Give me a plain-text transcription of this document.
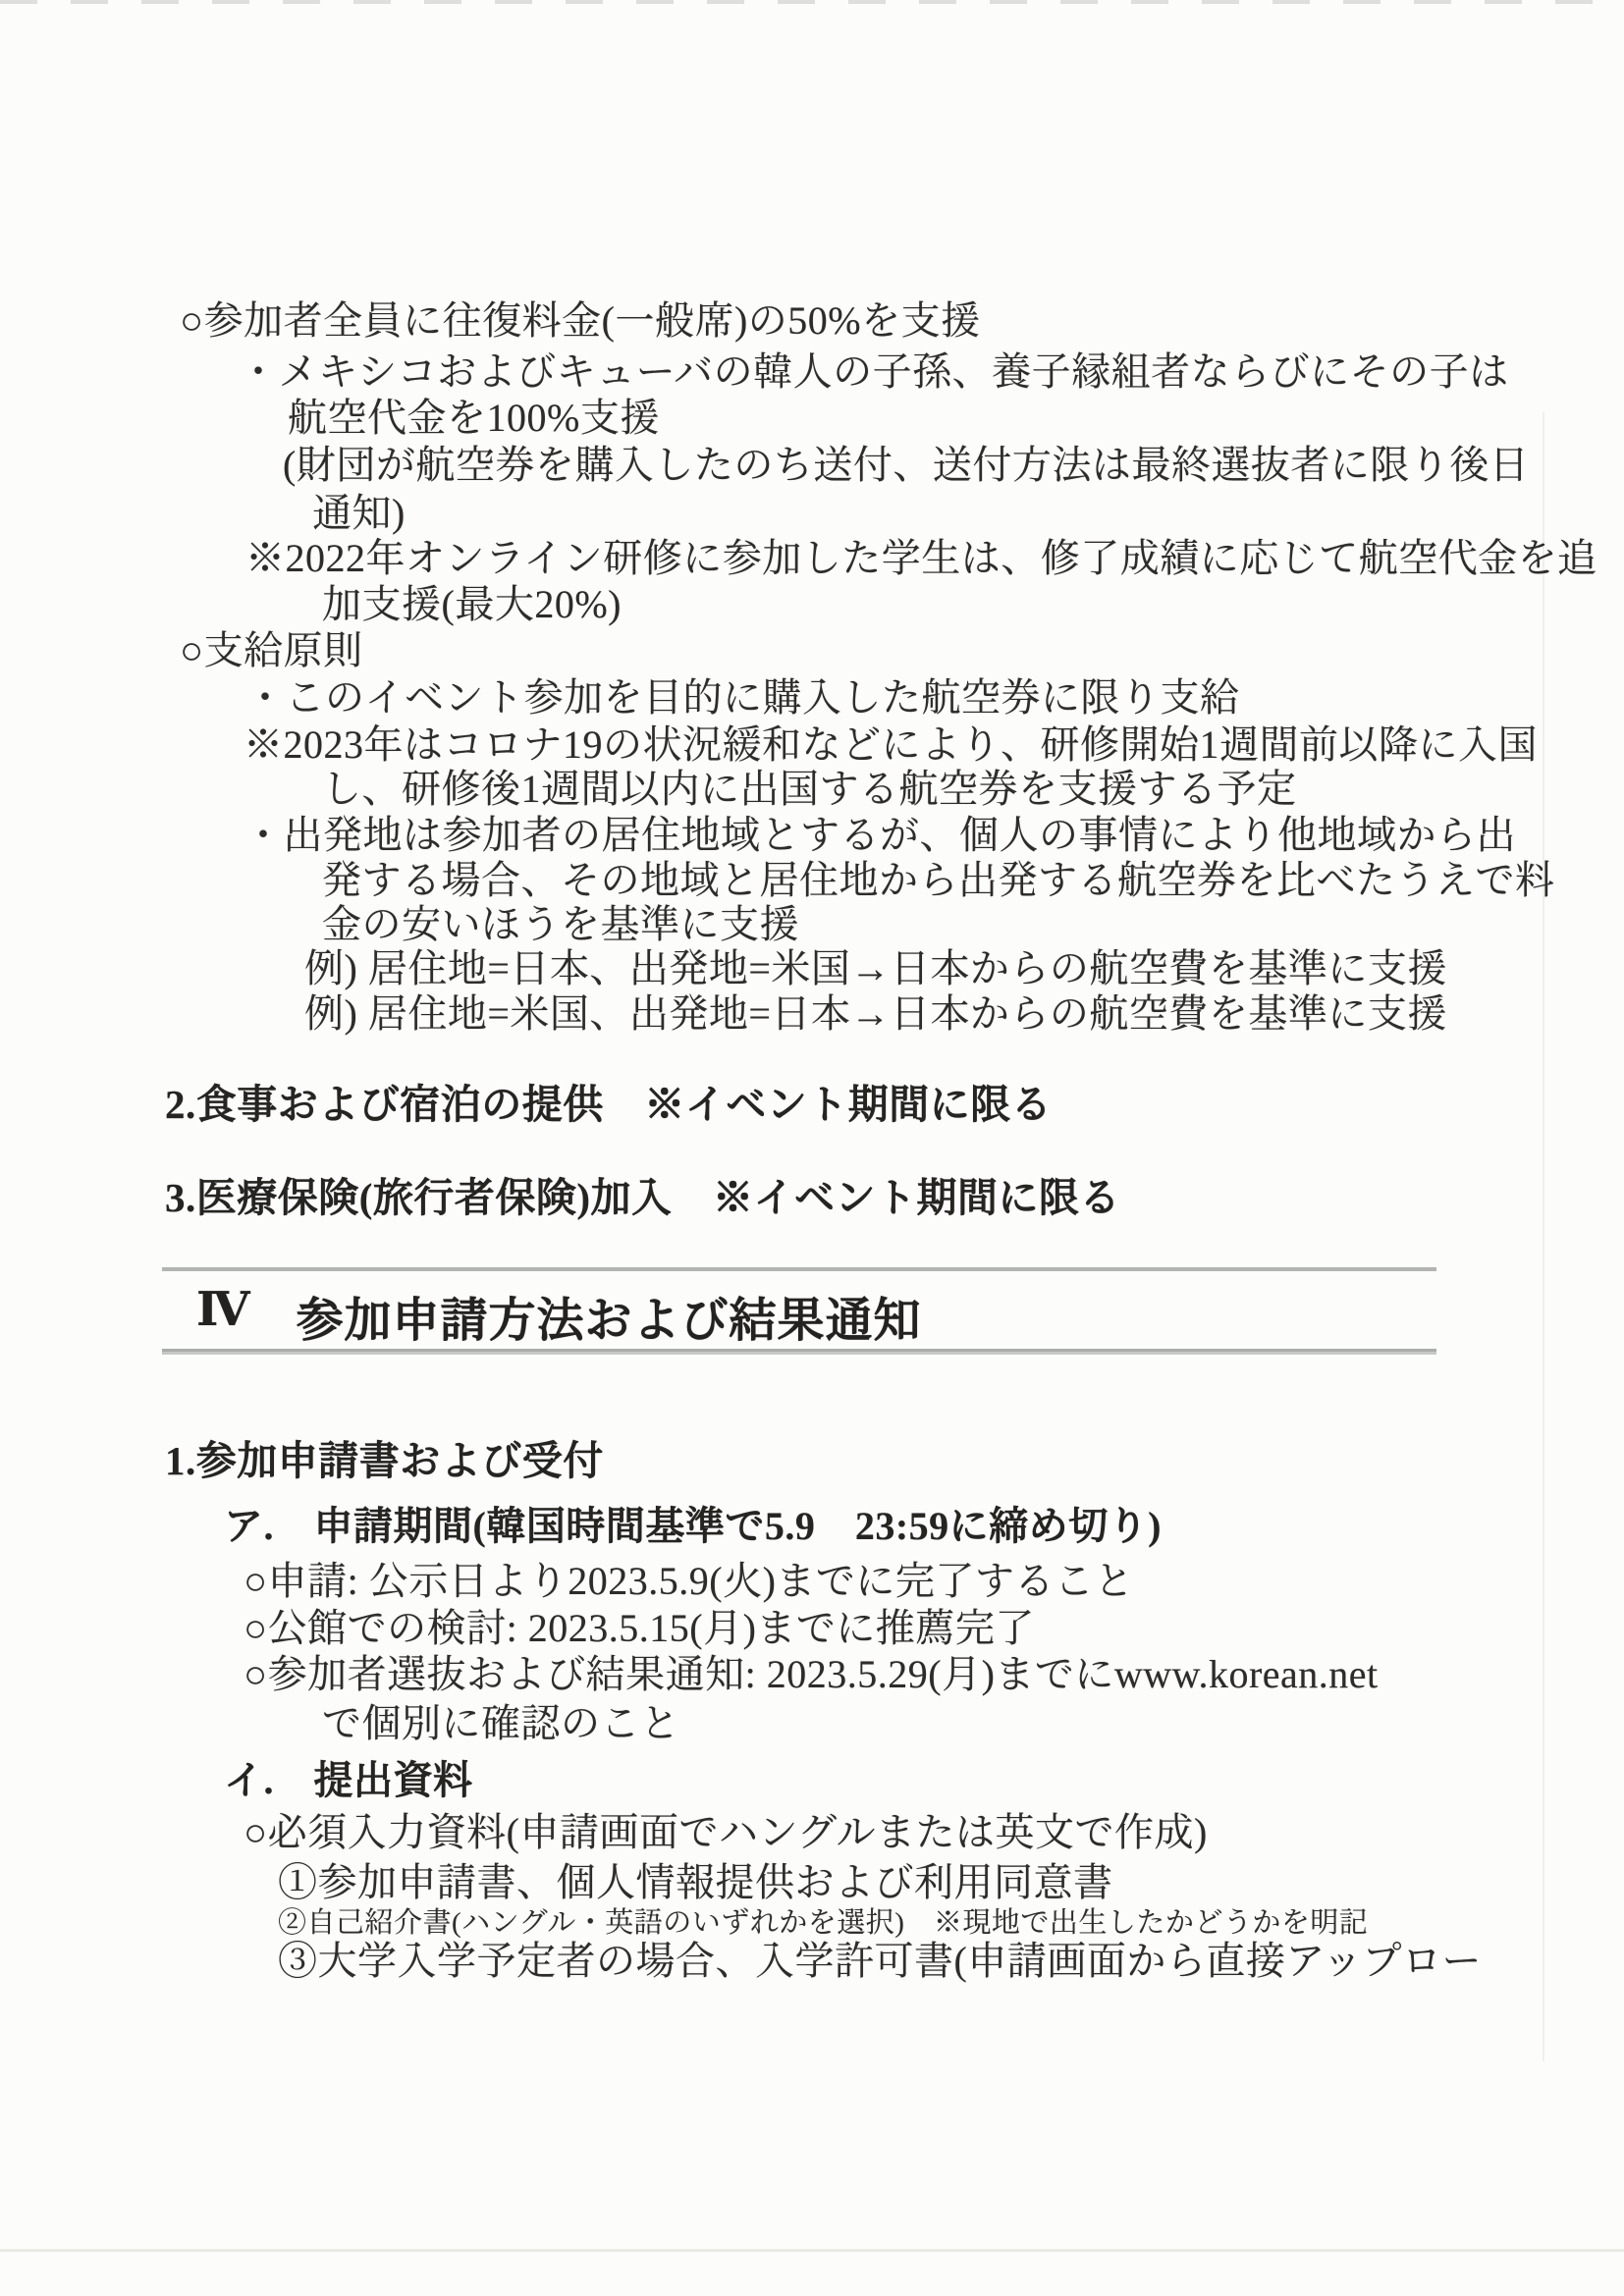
○参加者全員に往復料金(一般席)の50%を支援
・メキシコおよびキューバの韓人の子孫、養子縁組者ならびにその子は
航空代金を100%支援
(財団が航空券を購入したのち送付、送付方法は最終選抜者に限り後日
通知)
※2022年オンライン研修に参加した学生は、修了成績に応じて航空代金を追
加支援(最大20%)
○支給原則
・このイベント参加を目的に購入した航空券に限り支給
※2023年はコロナ19の状況緩和などにより、研修開始1週間前以降に入国
し、研修後1週間以内に出国する航空券を支援する予定
・出発地は参加者の居住地域とするが、個人の事情により他地域から出
発する場合、その地域と居住地から出発する航空券を比べたうえで料
金の安いほうを基準に支援
例) 居住地=日本、出発地=米国→日本からの航空費を基準に支援
例) 居住地=米国、出発地=日本→日本からの航空費を基準に支援
2.食事および宿泊の提供　※イベント期間に限る
3.医療保険(旅行者保険)加入　※イベント期間に限る
Ⅳ 参加申請方法および結果通知
1.参加申請書および受付
ア.　申請期間(韓国時間基準で5.9　23:59に締め切り)
○申請: 公示日より2023.5.9(火)までに完了すること
○公館での検討: 2023.5.15(月)までに推薦完了
○参加者選抜および結果通知: 2023.5.29(月)までにwww.korean.net
で個別に確認のこと
イ.　提出資料
○必須入力資料(申請画面でハングルまたは英文で作成)
①参加申請書、個人情報提供および利用同意書
②自己紹介書(ハングル・英語のいずれかを選択)　※現地で出生したかどうかを明記
③大学入学予定者の場合、入学許可書(申請画面から直接アップロー
